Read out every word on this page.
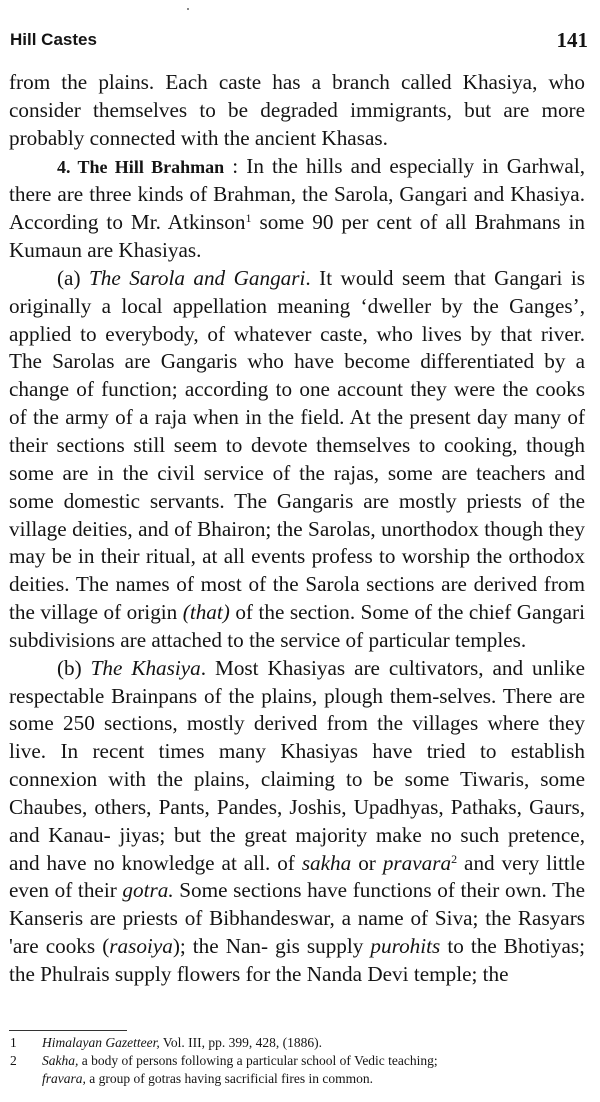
Hill Castes	141

from the plains. Each caste has a branch called Khasiya, who consider themselves to be degraded immigrants, but are more probably connected with the ancient Khasas.

4. The Hill Brahman : In the hills and especially in Garhwal, there are three kinds of Brahman, the Sarola, Gangari and Khasiya. According to Mr. Atkinson$^1$ some 90 per cent of all Brahmans in Kumaun are Khasiyas.

(a) The Sarola and Gangari. It would seem that Gangari is originally a local appellation meaning ‘dweller by the Ganges’, applied to everybody, of whatever caste, who lives by that river. The Sarolas are Gangaris who have become differentiated by a change of function; according to one account they were the cooks of the army of a raja when in the field. At the present day many of their sections still seem to devote themselves to cooking, though some are in the civil service of the rajas, some are teachers and some domestic servants. The Gangaris are mostly priests of the village deities, and of Bhairon; the Sarolas, unorthodox though they may be in their ritual, at all events profess to worship the orthodox deities. The names of most of the Sarola sections are derived from the village of origin (that) of the section. Some of the chief Gangari subdivisions are attached to the service of particular temples.

(b) The Khasiya. Most Khasiyas are cultivators, and unlike respectable Brainpans of the plains, plough them-selves. There are some 250 sections, mostly derived from the villages where they live. In recent times many Khasiyas have tried to establish connexion with the plains, claiming to be some Tiwaris, some Chaubes, others, Pants, Pandes, Joshis, Upadhyas, Pathaks, Gaurs, and Kanau- jiyas; but the great majority make no such pretence, and have no knowledge at all. of sakha or pravara$^2$ and very little even of their gotra. Some sections have functions of their own. The Kanseris are priests of Bibhandeswar, a name of Siva; the Rasyars 'are cooks (rasoiya); the Nan- gis supply purohits to the Bhotiyas; the Phulrais supply flowers for the Nanda Devi temple; the

1	Himalayan Gazetteer, Vol. III, pp. 399, 428, (1886).
2	Sakha, a body of persons following a particular school of Vedic teaching;
fravara, a group of gotras having sacrificial fires in common.
